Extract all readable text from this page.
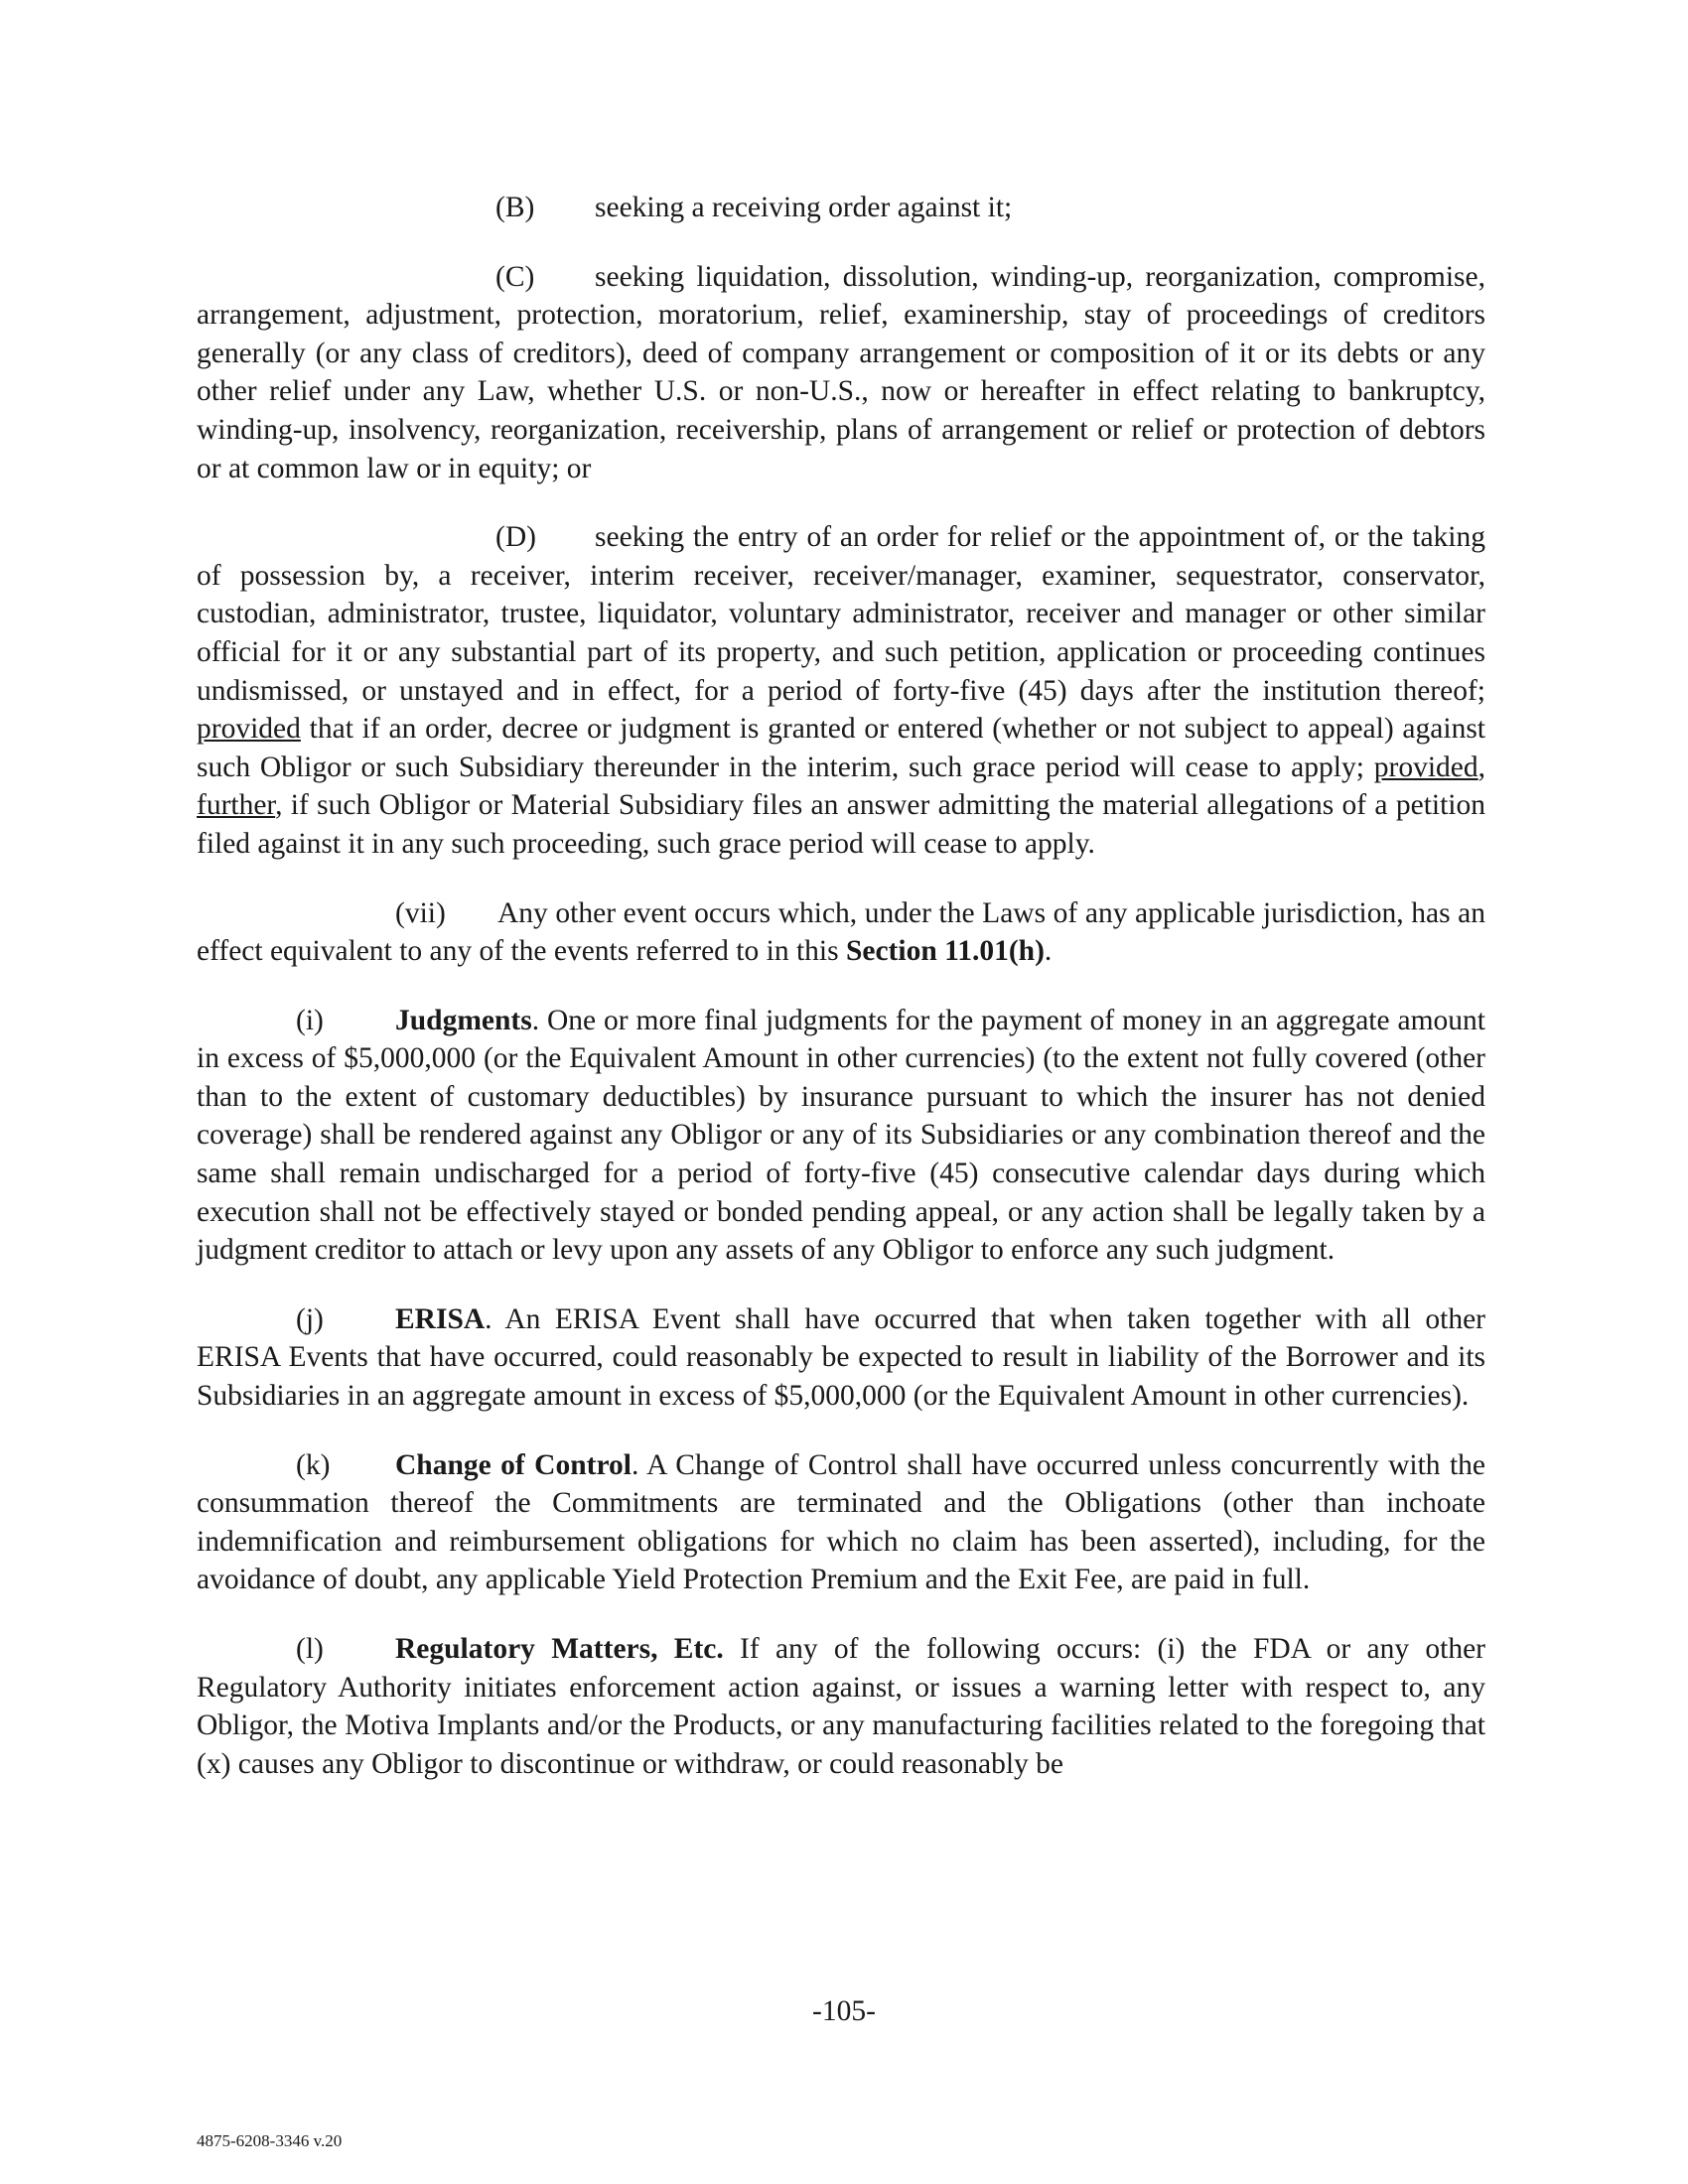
(B) seeking a receiving order against it;

(C) seeking liquidation, dissolution, winding-up, reorganization, compromise, arrangement, adjustment, protection, moratorium, relief, examinership, stay of proceedings of creditors generally (or any class of creditors), deed of company arrangement or composition of it or its debts or any other relief under any Law, whether U.S. or non-U.S., now or hereafter in effect relating to bankruptcy, winding-up, insolvency, reorganization, receivership, plans of arrangement or relief or protection of debtors or at common law or in equity; or

(D) seeking the entry of an order for relief or the appointment of, or the taking of possession by, a receiver, interim receiver, receiver/manager, examiner, sequestrator, conservator, custodian, administrator, trustee, liquidator, voluntary administrator, receiver and manager or other similar official for it or any substantial part of its property, and such petition, application or proceeding continues undismissed, or unstayed and in effect, for a period of forty-five (45) days after the institution thereof; provided that if an order, decree or judgment is granted or entered (whether or not subject to appeal) against such Obligor or such Subsidiary thereunder in the interim, such grace period will cease to apply; provided, further, if such Obligor or Material Subsidiary files an answer admitting the material allegations of a petition filed against it in any such proceeding, such grace period will cease to apply.

(vii) Any other event occurs which, under the Laws of any applicable jurisdiction, has an effect equivalent to any of the events referred to in this Section 11.01(h).

(i) Judgments. One or more final judgments for the payment of money in an aggregate amount in excess of $5,000,000 (or the Equivalent Amount in other currencies) (to the extent not fully covered (other than to the extent of customary deductibles) by insurance pursuant to which the insurer has not denied coverage) shall be rendered against any Obligor or any of its Subsidiaries or any combination thereof and the same shall remain undischarged for a period of forty-five (45) consecutive calendar days during which execution shall not be effectively stayed or bonded pending appeal, or any action shall be legally taken by a judgment creditor to attach or levy upon any assets of any Obligor to enforce any such judgment.

(j) ERISA. An ERISA Event shall have occurred that when taken together with all other ERISA Events that have occurred, could reasonably be expected to result in liability of the Borrower and its Subsidiaries in an aggregate amount in excess of $5,000,000 (or the Equivalent Amount in other currencies).

(k) Change of Control. A Change of Control shall have occurred unless concurrently with the consummation thereof the Commitments are terminated and the Obligations (other than inchoate indemnification and reimbursement obligations for which no claim has been asserted), including, for the avoidance of doubt, any applicable Yield Protection Premium and the Exit Fee, are paid in full.

(l) Regulatory Matters, Etc. If any of the following occurs: (i) the FDA or any other Regulatory Authority initiates enforcement action against, or issues a warning letter with respect to, any Obligor, the Motiva Implants and/or the Products, or any manufacturing facilities related to the foregoing that (x) causes any Obligor to discontinue or withdraw, or could reasonably be

-105-
4875-6208-3346 v.20
